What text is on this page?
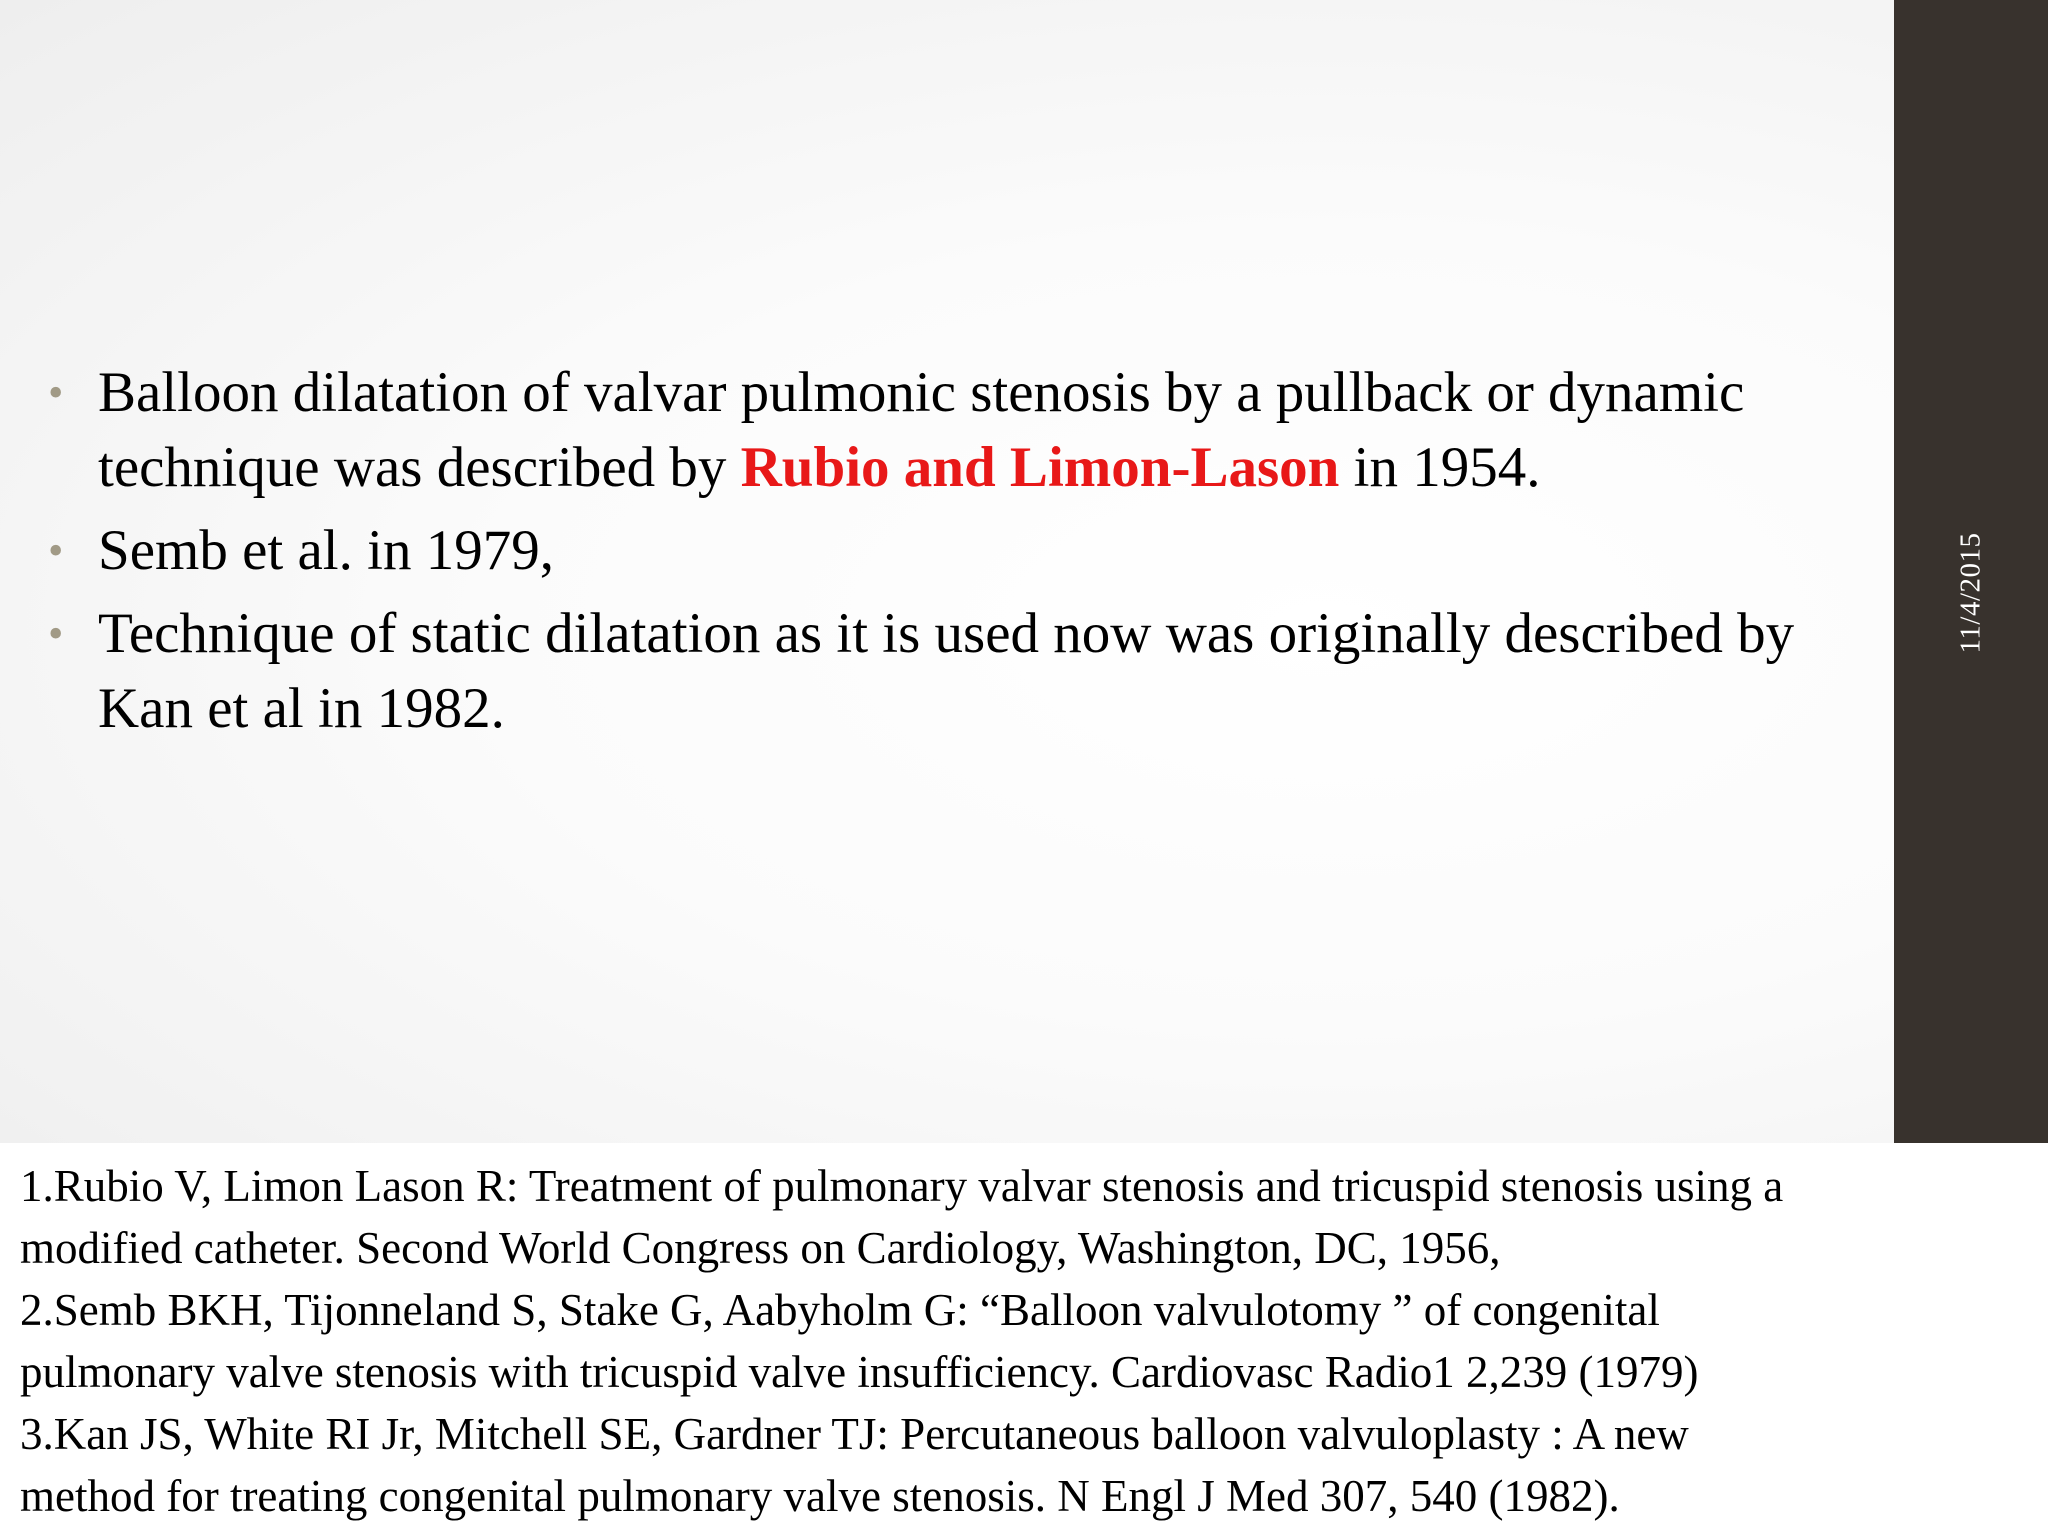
• Balloon dilatation of valvar pulmonic stenosis by a pullback or dynamic technique was described by Rubio and Limon-Lason in 1954.
• Semb et al. in 1979,
• Technique of static dilatation as it is used now was originally described by Kan et al in 1982.
11/4/2015
1.Rubio V, Limon Lason R: Treatment of pulmonary valvar stenosis and tricuspid stenosis using a
modified catheter. Second World Congress on Cardiology, Washington, DC, 1956,
2.Semb BKH, Tijonneland S, Stake G, Aabyholm G: “Balloon valvulotomy ” of congenital
pulmonary valve stenosis with tricuspid valve insufficiency. Cardiovasc Radio1 2,239 (1979)
3.Kan JS, White RI Jr, Mitchell SE, Gardner TJ: Percutaneous balloon valvuloplasty : A new
method for treating congenital pulmonary valve stenosis. N Engl J Med 307, 540 (1982).
